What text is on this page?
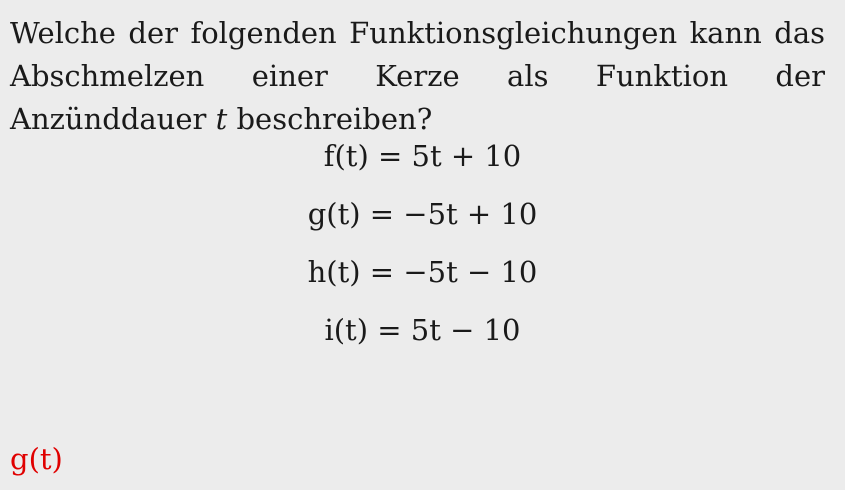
Welche der folgenden Funktionsgleichungen kann das Abschmelzen einer Kerze als Funktion der Anzünddauer t beschreiben?

f(t) = 5t + 10
g(t) = −5t + 10
h(t) = −5t − 10
i(t) = 5t − 10

g(t)
